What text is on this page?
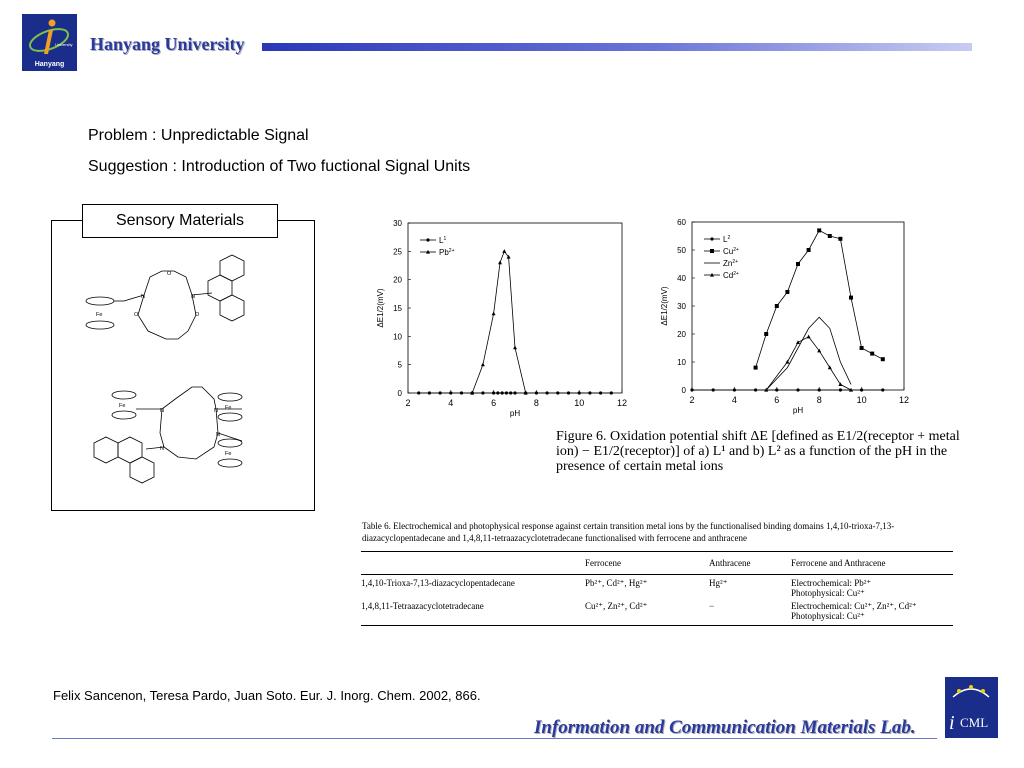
University
Hanyang
Hanyang University
Problem : Unpredictable Signal
Suggestion : Introduction of Two fuctional Signal Units
Fe
Fe	Fe
Fe
N	N
O
O	O
N	N
N
N
Sensory Materials
2	4	6	8	10	12
0
5
10
15
20
25
30
pH
ΔE1/2(mV)
$L^1$
$Pb^{2+}$
2	4	6	8	10	12
0
10
20
30
40
50
60
pH
ΔE1/2(mV)
$L^2$
$Cu^{2+}$
$Zn^{2+}$
$Cd^{2+}$
Figure 6. Oxidation potential shift ΔE [defined as E1/2(receptor + metal ion) − E1/2(receptor)] of a) L¹ and b) L² as a function of the pH in the presence of certain metal ions
Table 6. Electrochemical and photophysical response against certain transition metal ions by the functionalised binding domains 1,4,10-trioxa-7,13-diazacyclopentadecane and 1,4,8,11-tetraazacyclotetradecane functionalised with ferrocene and anthracene
	Ferrocene	Anthracene	Ferrocene and Anthracene
1,4,10-Trioxa-7,13-diazacyclopentadecane	Pb²⁺, Cd²⁺, Hg²⁺	Hg²⁺	Electrochemical: Pb²⁺
Photophysical: Cu²⁺
1,4,8,11-Tetraazacyclotetradecane	Cu²⁺, Zn²⁺, Cd²⁺	−	Electrochemical: Cu²⁺, Zn²⁺, Cd²⁺
Photophysical: Cu²⁺
Felix Sancenon, Teresa Pardo, Juan Soto. Eur. J. Inorg. Chem. 2002, 866.
Information and Communication Materials Lab. i CML
